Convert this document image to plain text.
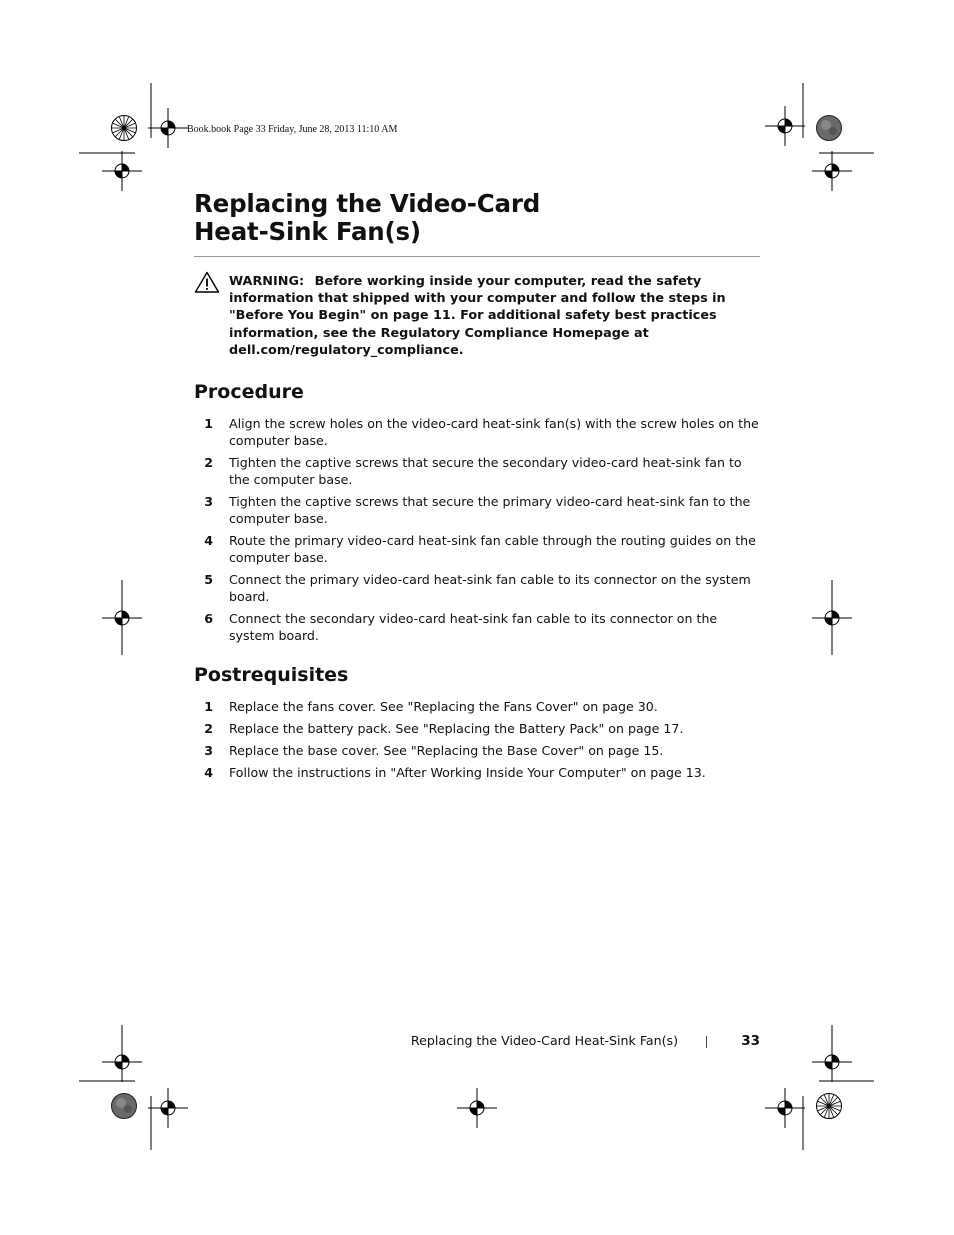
Book.book Page 33 Friday, June 28, 2013 11:10 AM
Replacing the Video-Card
Heat-Sink Fan(s)
WARNING: Before working inside your computer, read the safety information that shipped with your computer and follow the steps in "Before You Begin" on page 11. For additional safety best practices information, see the Regulatory Compliance Homepage at dell.com/regulatory_compliance.
Procedure
1 Align the screw holes on the video-card heat-sink fan(s) with the screw holes on the computer base.
2 Tighten the captive screws that secure the secondary video-card heat-sink fan to the computer base.
3 Tighten the captive screws that secure the primary video-card heat-sink fan to the computer base.
4 Route the primary video-card heat-sink fan cable through the routing guides on the computer base.
5 Connect the primary video-card heat-sink fan cable to its connector on the system board.
6 Connect the secondary video-card heat-sink fan cable to its connector on the system board.
Postrequisites
1 Replace the fans cover. See "Replacing the Fans Cover" on page 30.
2 Replace the battery pack. See "Replacing the Battery Pack" on page 17.
3 Replace the base cover. See "Replacing the Base Cover" on page 15.
4 Follow the instructions in "After Working Inside Your Computer" on page 13.
Replacing the Video-Card Heat-Sink Fan(s)	33
